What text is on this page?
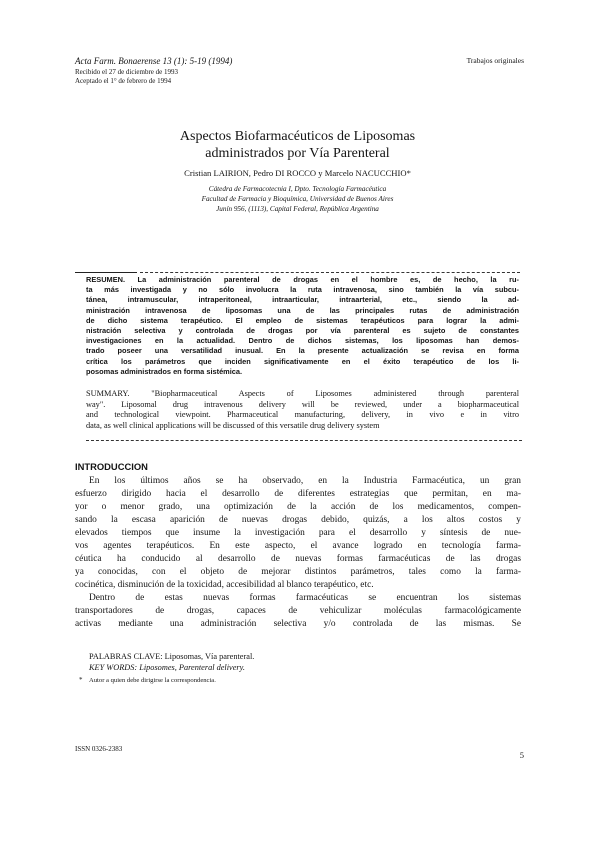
Acta Farm. Bonaerense 13 (1): 5-19 (1994)
Recibido el 27 de diciembre de 1993
Aceptado el 1° de febrero de 1994
Trabajos originales
Aspectos Biofarmacéuticos de Liposomas
administrados por Vía Parenteral
Cristian LAIRION, Pedro DI ROCCO y Marcelo NACUCCHIO*
Cátedra de Farmacotecnia I, Dpto. Tecnología Farmacéutica
Facultad de Farmacia y Bioquímica, Universidad de Buenos Aires
Junín 956, (1113), Capital Federal, República Argentina
RESUMEN. La administración parenteral de drogas en el hombre es, de hecho, la ru-
ta más investigada y no sólo involucra la ruta intravenosa, sino también la vía subcu-
tánea, intramuscular, intraperitoneal, intraarticular, intraarterial, etc., siendo la ad-
ministración intravenosa de liposomas una de las principales rutas de administración
de dicho sistema terapéutico. El empleo de sistemas terapéuticos para lograr la admi-
nistración selectiva y controlada de drogas por vía parenteral es sujeto de constantes
investigaciones en la actualidad. Dentro de dichos sistemas, los liposomas han demos-
trado poseer una versatilidad inusual. En la presente actualización se revisa en forma
crítica los parámetros que inciden significativamente en el éxito terapéutico de los li-
posomas administrados en forma sistémica.
SUMMARY. "Biopharmaceutical Aspects of Liposomes administered through parenteral
way". Liposomal drug intravenous delivery will be reviewed, under a biopharmaceutical
and technological viewpoint. Pharmaceutical manufacturing, delivery, in vivo e in vitro
data, as well clinical applications will be discussed of this versatile drug delivery system
INTRODUCCION
En los últimos años se ha observado, en la Industria Farmacéutica, un gran
esfuerzo dirigido hacia el desarrollo de diferentes estrategias que permitan, en ma-
yor o menor grado, una optimización de la acción de los medicamentos, compen-
sando la escasa aparición de nuevas drogas debido, quizás, a los altos costos y
elevados tiempos que insume la investigación para el desarrollo y síntesis de nue-
vos agentes terapéuticos. En este aspecto, el avance logrado en tecnología farma-
céutica ha conducido al desarrollo de nuevas formas farmacéuticas de las drogas
ya conocidas, con el objeto de mejorar distintos parámetros, tales como la farma-
cocinética, disminución de la toxicidad, accesibilidad al blanco terapéutico, etc.
Dentro de estas nuevas formas farmacéuticas se encuentran los sistemas
transportadores de drogas, capaces de vehiculizar moléculas farmacológicamente
activas mediante una administración selectiva y/o controlada de las mismas. Se
PALABRAS CLAVE: Liposomas, Vía parenteral.
KEY WORDS: Liposomes, Parenteral delivery.
* Autor a quien debe dirigirse la correspondencia.
ISSN 0326-2383
5
